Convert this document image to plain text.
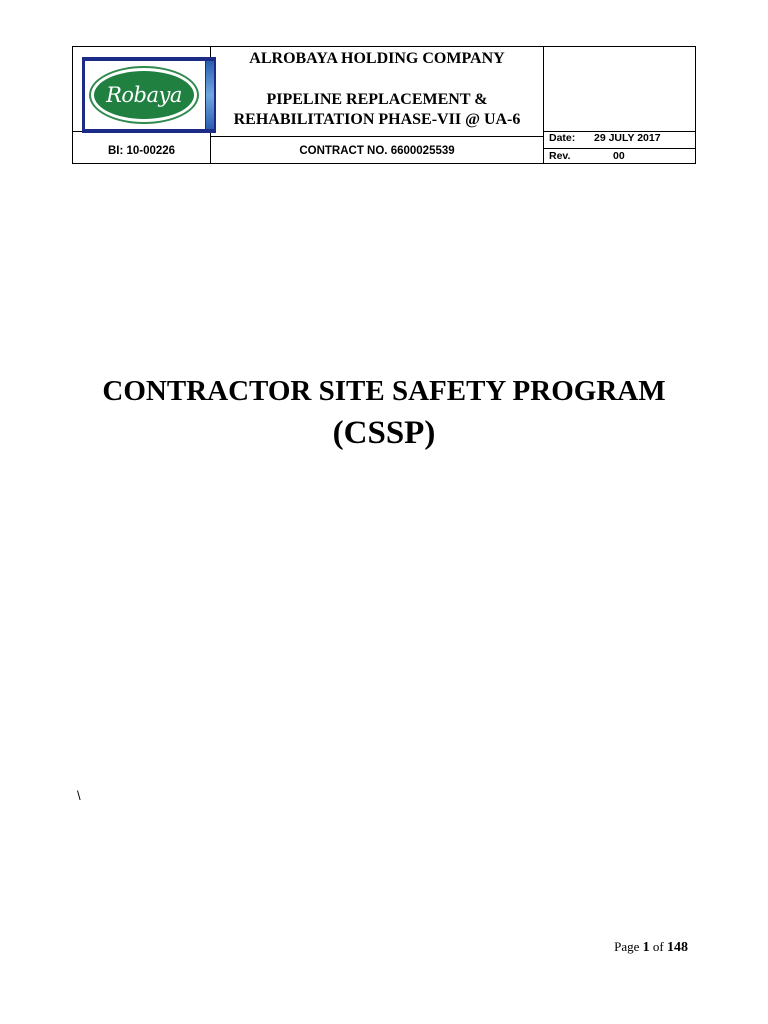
Robaya
ALROBAYA HOLDING COMPANY
PIPELINE REPLACEMENT &
REHABILITATION PHASE-VII @ UA-6
BI: 10-00226	CONTRACT NO. 6600025539
Date: 29 JULY 2017
Rev.	00
CONTRACTOR SITE SAFETY PROGRAM
(CSSP)
\
Page 1 of 148
